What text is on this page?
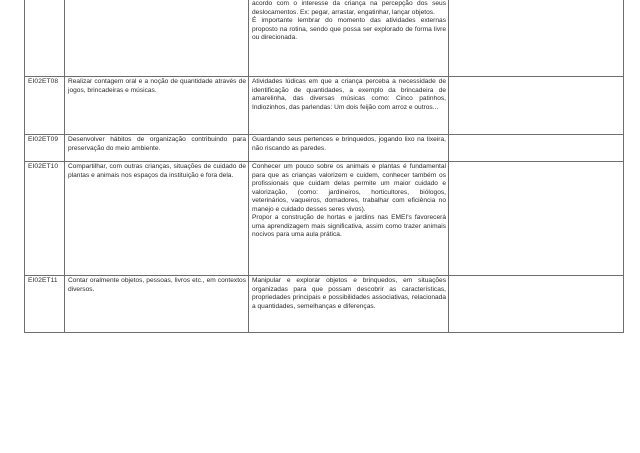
		acordo com o interesse da criança na percepção dos seus deslocamentos. Ex: pegar, arrastar, engatinhar, lançar objetos.

É importante lembrar do momento das atividades externas proposto na rotina, sendo que possa ser explorado de forma livre ou direcionada.	

EI02ET08	Realizar contagem oral e a noção de quantidade através de jogos, brincadeiras e músicas.	Atividades lúdicas em que a criança perceba a necessidade de identificação de quantidades, a exemplo da brincadeira de amarelinha, das diversas músicas como: Cinco patinhos, Indiozinhos, das parlendas: Um dois feijão com arroz e outros...	

EI02ET09	Desenvolver hábitos de organização contribuindo para preservação do meio ambiente.	Guardando seus pertences e brinquedos, jogando lixo na lixeira, não riscando as paredes.	

EI02ET10	Compartilhar, com outras crianças, situações de cuidado de plantas e animais nos espaços da instituição e fora dela.	Conhecer um pouco sobre os animais e plantas é fundamental para que as crianças valorizem e cuidem, conhecer também os profissionais que cuidam delas permite um maior cuidado e valorização, (como: jardineiros, horticultores, biólogos, veterinários, vaqueiros, domadores, trabalhar com eficiência no manejo e cuidado desses seres vivos).

Propor a construção de hortas e jardins nas EMEI's favorecerá uma aprendizagem mais significativa, assim como trazer animais nocivos para uma aula prática.	

EI02ET11	Contar oralmente objetos, pessoas, livros etc., em contextos diversos.	Manipular e explorar objetos e brinquedos, em situações organizadas para que possam descobrir as características, propriedades principais e possibilidades associativas, relacionada a quantidades, semelhanças e diferenças.	
